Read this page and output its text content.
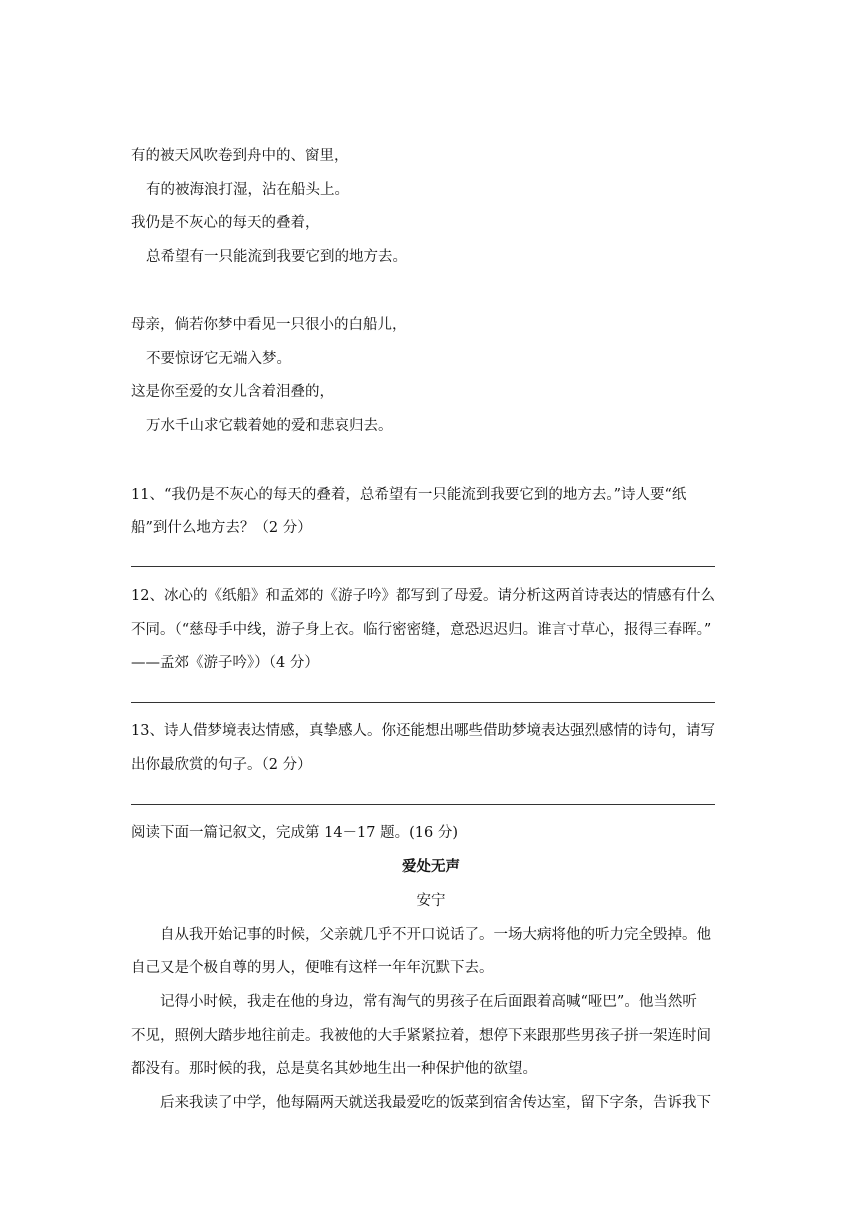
有的被天风吹卷到舟中的、窗里，
有的被海浪打湿，沾在船头上。
我仍是不灰心的每天的叠着，
总希望有一只能流到我要它到的地方去。
母亲，倘若你梦中看见一只很小的白船儿，
不要惊讶它无端入梦。
这是你至爱的女儿含着泪叠的，
万水千山求它载着她的爱和悲哀归去。
11、“我仍是不灰心的每天的叠着，总希望有一只能流到我要它到的地方去。”诗人要“纸
船”到什么地方去？（2 分）
12、冰心的《纸船》和孟郊的《游子吟》都写到了母爱。请分析这两首诗表达的情感有什么
不同。（“慈母手中线，游子身上衣。临行密密缝，意恐迟迟归。谁言寸草心，报得三春晖。”
——孟郊《游子吟》）（4 分）
13、诗人借梦境表达情感，真挚感人。你还能想出哪些借助梦境表达强烈感情的诗句，请写
出你最欣赏的句子。（2 分）
阅读下面一篇记叙文，完成第 14－17 题。(16 分)
爱处无声
安宁
自从我开始记事的时候，父亲就几乎不开口说话了。一场大病将他的听力完全毁掉。他
自己又是个极自尊的男人，便唯有这样一年年沉默下去。
记得小时候，我走在他的身边，常有淘气的男孩子在后面跟着高喊“哑巴”。他当然听
不见，照例大踏步地往前走。我被他的大手紧紧拉着，想停下来跟那些男孩子拼一架连时间
都没有。那时候的我，总是莫名其妙地生出一种保护他的欲望。
后来我读了中学，他每隔两天就送我最爱吃的饭菜到宿舍传达室，留下字条，告诉我下
